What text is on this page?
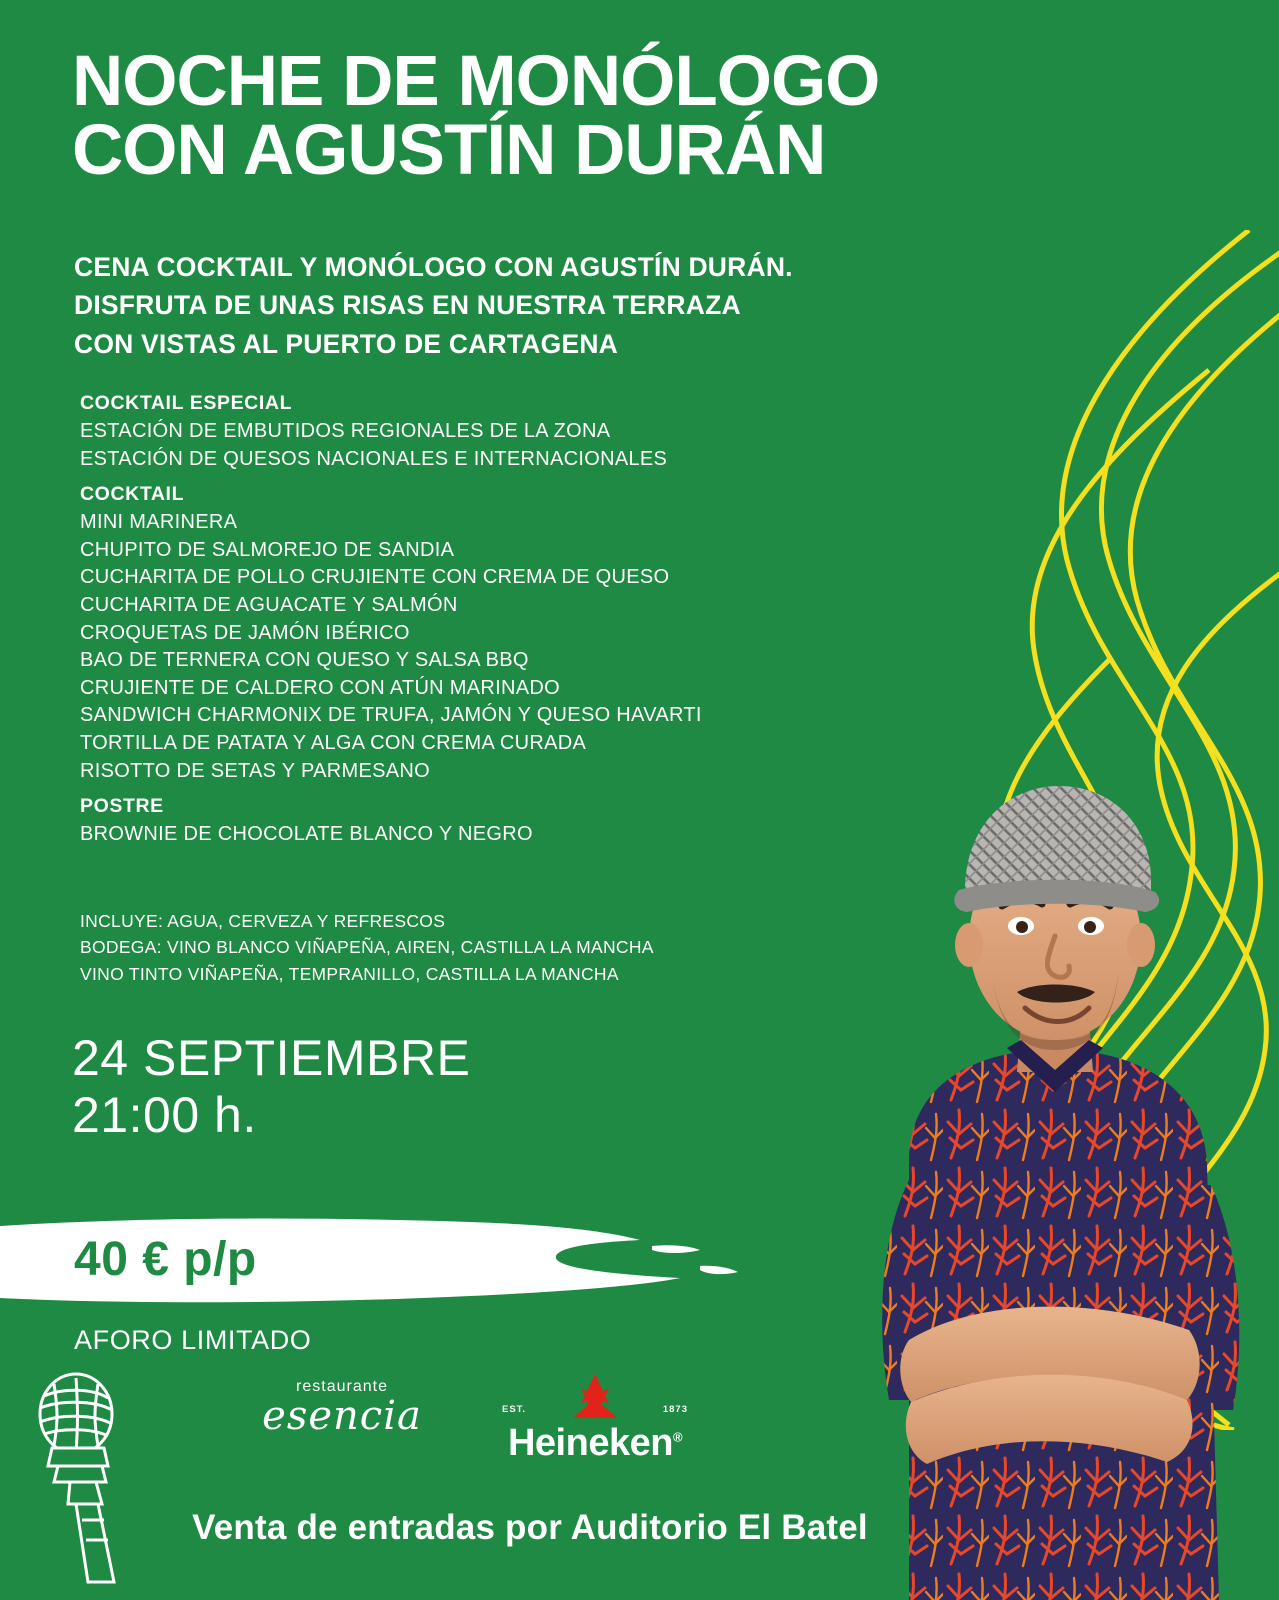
NOCHE DE MONÓLOGO
CON AGUSTÍN DURÁN
CENA COCKTAIL Y MONÓLOGO CON AGUSTÍN DURÁN.
DISFRUTA DE UNAS RISAS EN NUESTRA TERRAZA
CON VISTAS AL PUERTO DE CARTAGENA
COCKTAIL ESPECIAL
ESTACIÓN DE EMBUTIDOS REGIONALES DE LA ZONA
ESTACIÓN DE QUESOS NACIONALES E INTERNACIONALES
COCKTAIL
MINI MARINERA
CHUPITO DE SALMOREJO DE SANDIA
CUCHARITA DE POLLO CRUJIENTE CON CREMA DE QUESO
CUCHARITA DE AGUACATE Y SALMÓN
CROQUETAS DE JAMÓN IBÉRICO
BAO DE TERNERA CON QUESO Y SALSA BBQ
CRUJIENTE DE CALDERO CON ATÚN MARINADO
SANDWICH CHARMONIX DE TRUFA, JAMÓN Y QUESO HAVARTI
TORTILLA DE PATATA Y ALGA CON CREMA CURADA
RISOTTO DE SETAS Y PARMESANO
POSTRE
BROWNIE DE CHOCOLATE BLANCO Y NEGRO
INCLUYE: AGUA, CERVEZA Y REFRESCOS
BODEGA: VINO BLANCO VIÑAPEÑA, AIREN, CASTILLA LA MANCHA
VINO TINTO VIÑAPEÑA, TEMPRANILLO, CASTILLA LA MANCHA
24 SEPTIEMBRE
21:00 h.
40 € p/p
AFORO LIMITADO
restaurante
esencia	EST.	1873
Heineken®
Venta de entradas por Auditorio El Batel
